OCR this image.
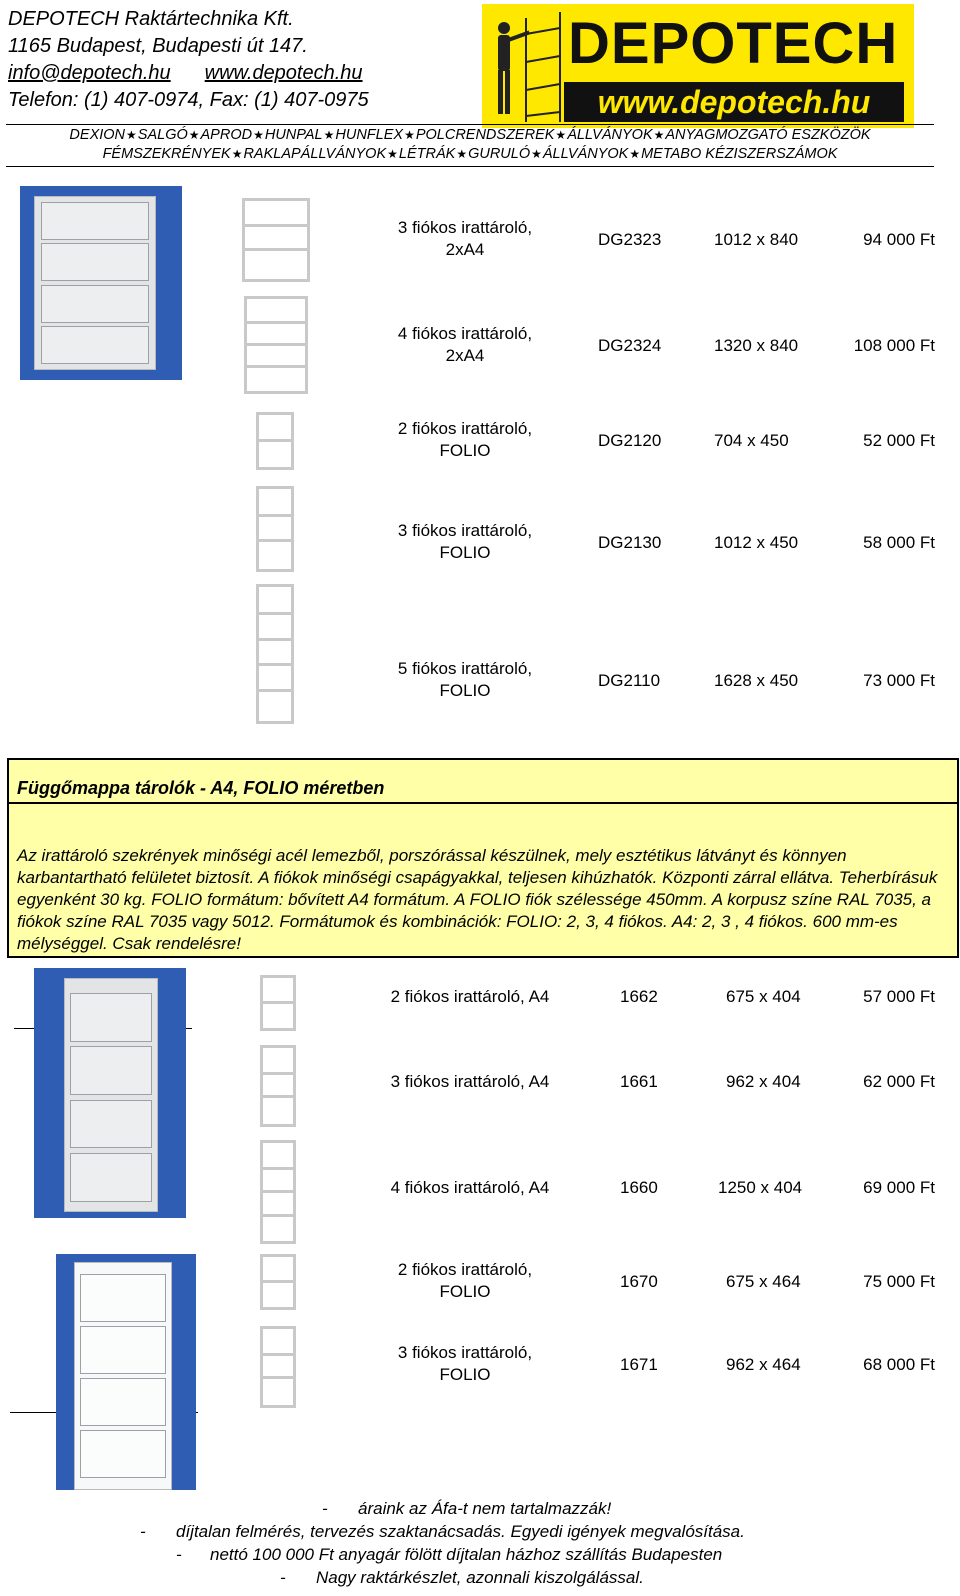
DEPOTECH Raktártechnika Kft.
1165 Budapest, Budapesti út 147.
info@depotech.hu www.depotech.hu
Telefon: (1) 407-0974, Fax: (1) 407-0975
DEPOTECH
www.depotech.hu
DEXION★SALGÓ★APROD★HUNPAL★HUNFLEX★POLCRENDSZEREK★ÁLLVÁNYOK★ANYAGMOZGATÓ ESZKÖZÖK
FÉMSZEKRÉNYEK★RAKLAPÁLLVÁNYOK★LÉTRÁK★GURULÓ★ÁLLVÁNYOK★METABO KÉZISZERSZÁMOK
3 fiókos irattároló,
2xA4
DG2323	1012 x 840	94 000 Ft
4 fiókos irattároló,
2xA4
DG2324	1320 x 840	108 000 Ft
2 fiókos irattároló,
FOLIO
DG2120	704 x 450	52 000 Ft
3 fiókos irattároló,
FOLIO
DG2130	1012 x 450	58 000 Ft
5 fiókos irattároló,
FOLIO
DG2110	1628 x 450	73 000 Ft
Függőmappa tárolók - A4, FOLIO méretben
Az irattároló szekrények minőségi acél lemezből, porszórással készülnek, mely esztétikus látványt és könnyen karbantartható felületet biztosít. A fiókok minőségi csapágyakkal, teljesen kihúzhatók. Központi zárral ellátva. Teherbírásuk egyenként 30 kg. FOLIO formátum: bővített A4 formátum. A FOLIO fiók szélessége 450mm. A korpusz színe RAL 7035, a fiókok színe RAL 7035 vagy 5012. Formátumok és kombinációk: FOLIO: 2, 3, 4 fiókos. A4: 2, 3 , 4 fiókos. 600 mm-es mélységgel. Csak rendelésre!
2 fiókos irattároló, A4	1662	675 x 404	57 000 Ft
3 fiókos irattároló, A4	1661	962 x 404	62 000 Ft
4 fiókos irattároló, A4	1660	1250 x 404	69 000 Ft
2 fiókos irattároló,
FOLIO
1670	675 x 464	75 000 Ft
3 fiókos irattároló,
FOLIO
1671	962 x 464	68 000 Ft
- áraink az Áfa-t nem tartalmazzák!
- díjtalan felmérés, tervezés szaktanácsadás. Egyedi igények megvalósítása.
- nettó 100 000 Ft anyagár fölött díjtalan házhoz szállítás Budapesten
- Nagy raktárkészlet, azonnali kiszolgálással.
